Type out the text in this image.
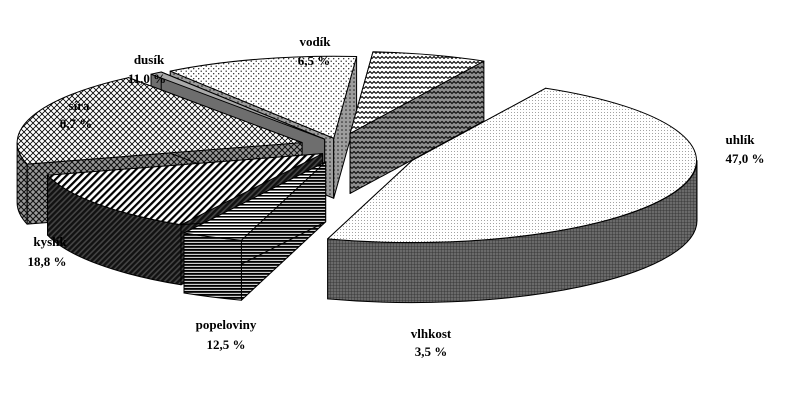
uhlík
47,0 %
vlhkost
3,5 %
popeloviny
12,5 %
kyslík
18,8 %
síra
0,7 %
dusík
11,0 %
vodík
6,5 %
